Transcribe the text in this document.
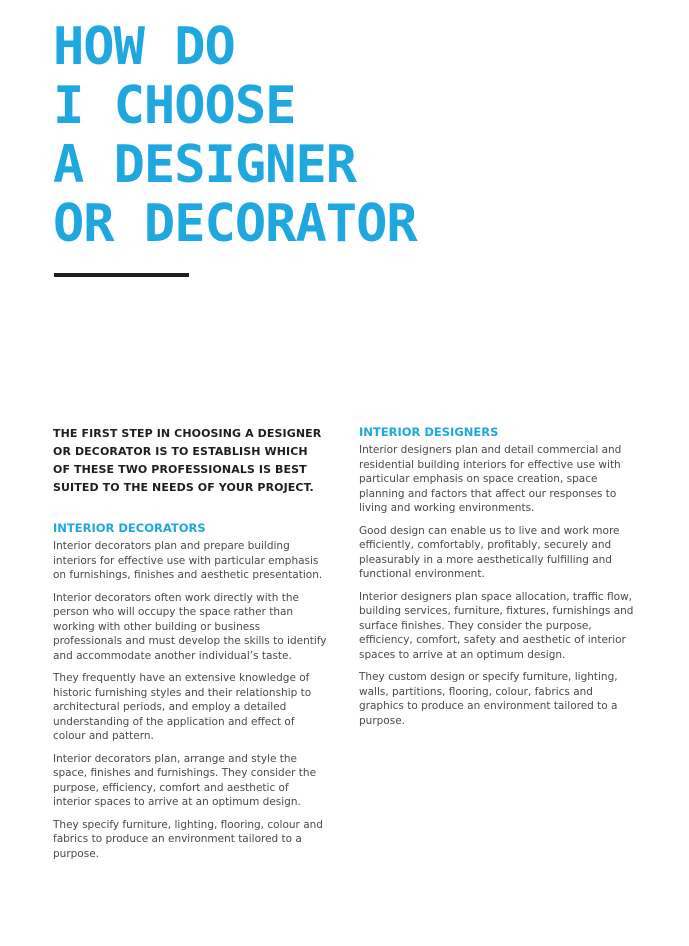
HOW DO
I CHOOSE
A DESIGNER
OR DECORATOR

THE FIRST STEP IN CHOOSING A DESIGNER OR DECORATOR IS TO ESTABLISH WHICH OF THESE TWO PROFESSIONALS IS BEST SUITED TO THE NEEDS OF YOUR PROJECT.

INTERIOR DECORATORS

Interior decorators plan and prepare building interiors for effective use with particular emphasis on furnishings, finishes and aesthetic presentation.

Interior decorators often work directly with the person who will occupy the space rather than working with other building or business professionals and must develop the skills to identify and accommodate another individual’s taste.

They frequently have an extensive knowledge of historic furnishing styles and their relationship to architectural periods, and employ a detailed understanding of the application and effect of colour and pattern.

Interior decorators plan, arrange and style the space, finishes and furnishings. They consider the purpose, efficiency, comfort and aesthetic of interior spaces to arrive at an optimum design.

They specify furniture, lighting, flooring, colour and fabrics to produce an environment tailored to a purpose.

INTERIOR DESIGNERS

Interior designers plan and detail commercial and residential building interiors for effective use with particular emphasis on space creation, space planning and factors that affect our responses to living and working environments.

Good design can enable us to live and work more efficiently, comfortably, profitably, securely and pleasurably in a more aesthetically fulfilling and functional environment.

Interior designers plan space allocation, traffic flow, building services, furniture, fixtures, furnishings and surface finishes. They consider the purpose, efficiency, comfort, safety and aesthetic of interior spaces to arrive at an optimum design.

They custom design or specify furniture, lighting, walls, partitions, flooring, colour, fabrics and graphics to produce an environment tailored to a purpose.
